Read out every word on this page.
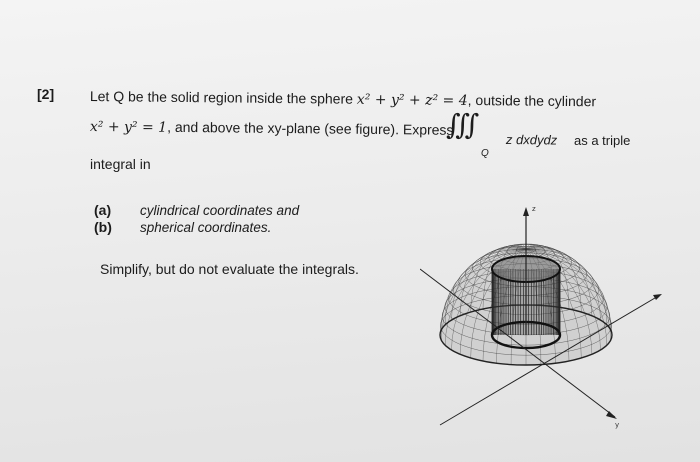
[2]	Let Q be the solid region inside the sphere x² + y² + z² = 4, outside the cylinder
x² + y² = 1, and above the xy-plane (see figure). Express
∭
Q
z dxdydz as a triple
integral in
(a) cylindrical coordinates and
(b) spherical coordinates.
Simplify, but do not evaluate the integrals.
z
y
